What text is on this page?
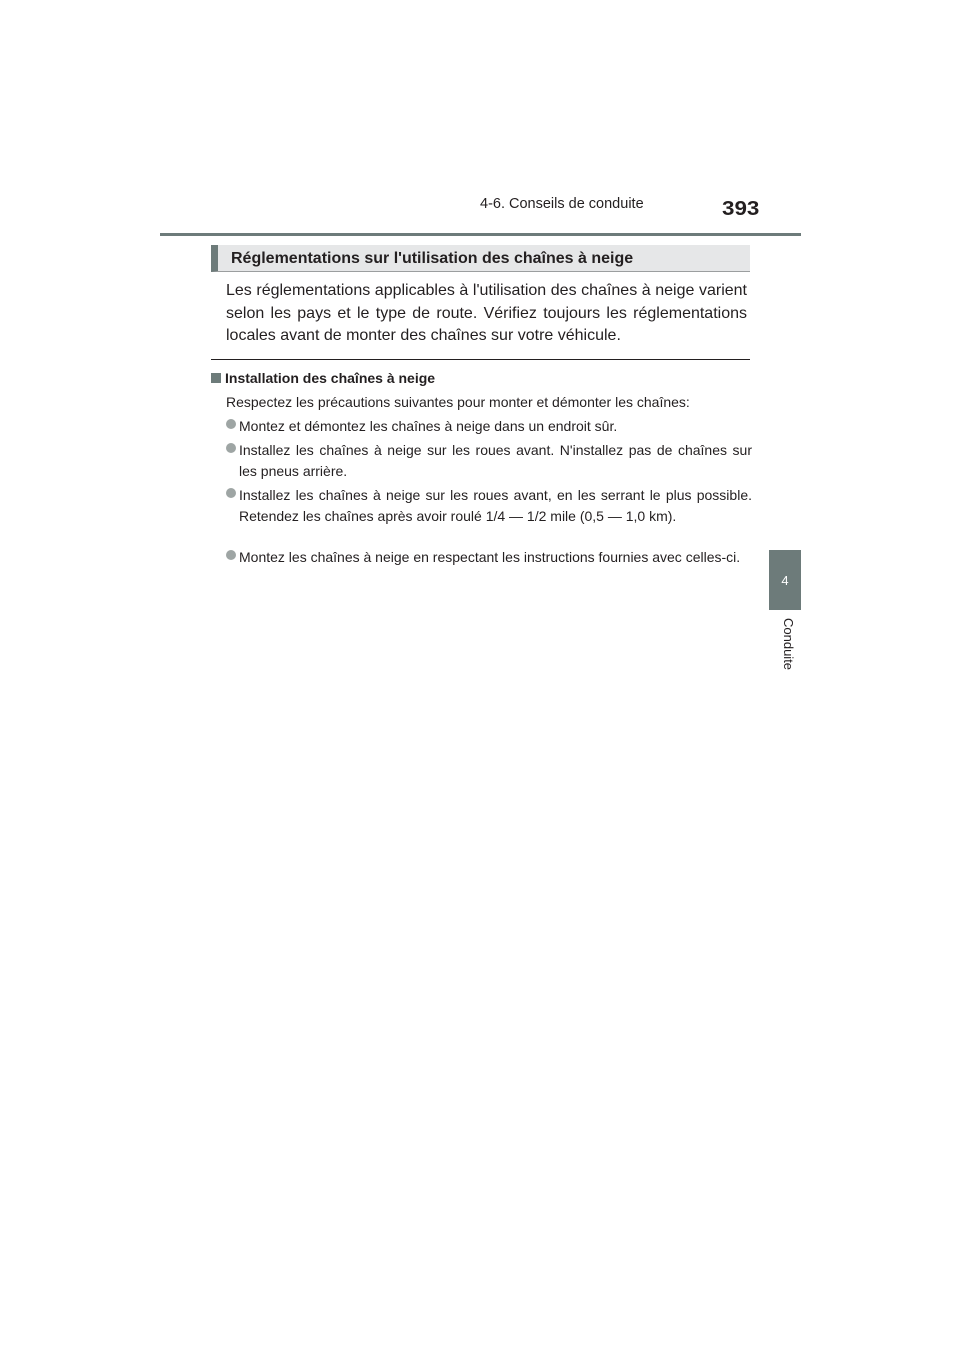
4-6. Conseils de conduite	393
4
Conduite
Réglementations sur l'utilisation des chaînes à neige

Les réglementations applicables à l'utilisation des chaînes à neige varient selon les pays et le type de route. Vérifiez toujours les réglementations locales avant de monter des chaînes sur votre véhicule.

Installation des chaînes à neige

Respectez les précautions suivantes pour monter et démonter les chaînes:

Montez et démontez les chaînes à neige dans un endroit sûr.

Installez les chaînes à neige sur les roues avant. N'installez pas de chaînes sur les pneus arrière.

Installez les chaînes à neige sur les roues avant, en les serrant le plus possible. Retendez les chaînes après avoir roulé 1/4 — 1/2 mile (0,5 — 1,0 km).

Montez les chaînes à neige en respectant les instructions fournies avec celles-ci.
